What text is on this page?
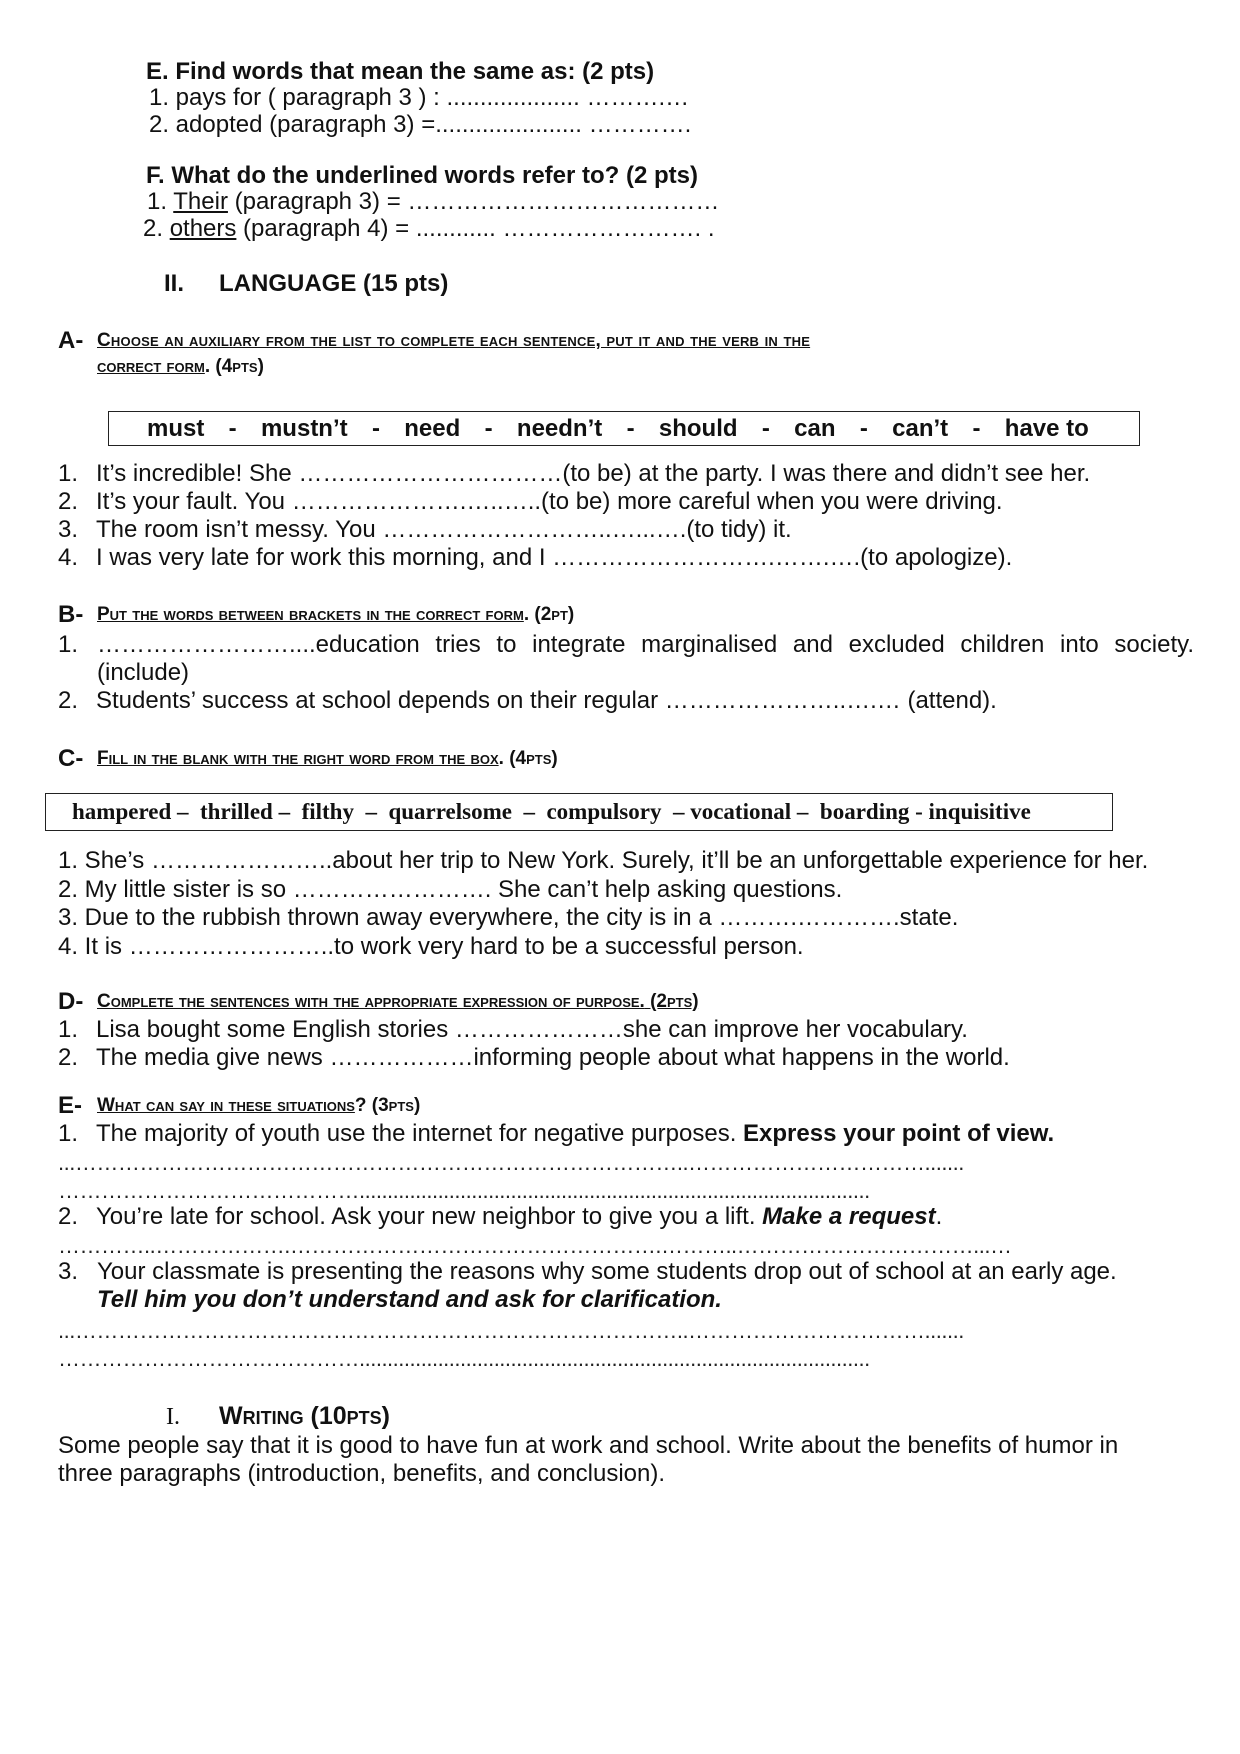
E. Find words that mean the same as: (2 pts)
1. pays for ( paragraph 3 ) : .................... ……….…
2. adopted (paragraph 3) =...................... ………….
F. What do the underlined words refer to? (2 pts)
1. Their (paragraph 3) = …………………………………
2. others (paragraph 4) = ............ ……………………. .
II. LANGUAGE (15 pts)
A- Choose an auxiliary from the list to complete each sentence, put it and the verb in the
correct form. (4pts)
must - mustn’t - need - needn’t - should - can - can’t - have to
1. It’s incredible! She ……………………………(to be) at the party. I was there and didn’t see her.
2. It’s your fault. You ………………….…..…..(to be) more careful when you were driving.
3. The room isn’t messy. You ………………………..…...….(to tidy) it.
4. I was very late for work this morning, and I ……………………….…….….(to apologize).
B- Put the words between brackets in the correct form. (2pt)
1. ……………………....education tries to integrate marginalised and excluded children into society. (include)
2. Students’ success at school depends on their regular …………………..….… (attend).
C- Fill in the blank with the right word from the box. (4pts)
hampered –  thrilled –  filthy  –  quarrelsome  –  compulsory  – vocational –  boarding - inquisitive
1. She’s …………………..about her trip to New York. Surely, it’ll be an unforgettable experience for her.
2. My little sister is so ……………………. She can’t help asking questions.
3. Due to the rubbish thrown away everywhere, the city is in a ……….………….state.
4. It is ……………………..to work very hard to be a successful person.
D- Complete the sentences with the appropriate expression of purpose. (2pts)
1. Lisa bought some English stories …………………she can improve her vocabulary.
2. The media give news ………………informing people about what happens in the world.
E- What can say in these situations? (3pts)
1. The majority of youth use the internet for negative purposes. Express your point of view.
...…………………………………………………………………………..…………………………….......
……………………………………...........................................................................................
2. You’re late for school. Ask your new neighbor to give you a lift. Make a request.
…………..……………….…………………………………………….………..……………………………...…
3. Your classmate is presenting the reasons why some students drop out of school at an early age.
Tell him you don’t understand and ask for clarification.
...…………………………………………………………………………..…………………………….......
……………………………………...........................................................................................
I. Writing (10pts)
Some people say that it is good to have fun at work and school. Write about the benefits of humor in
three paragraphs (introduction, benefits, and conclusion).
